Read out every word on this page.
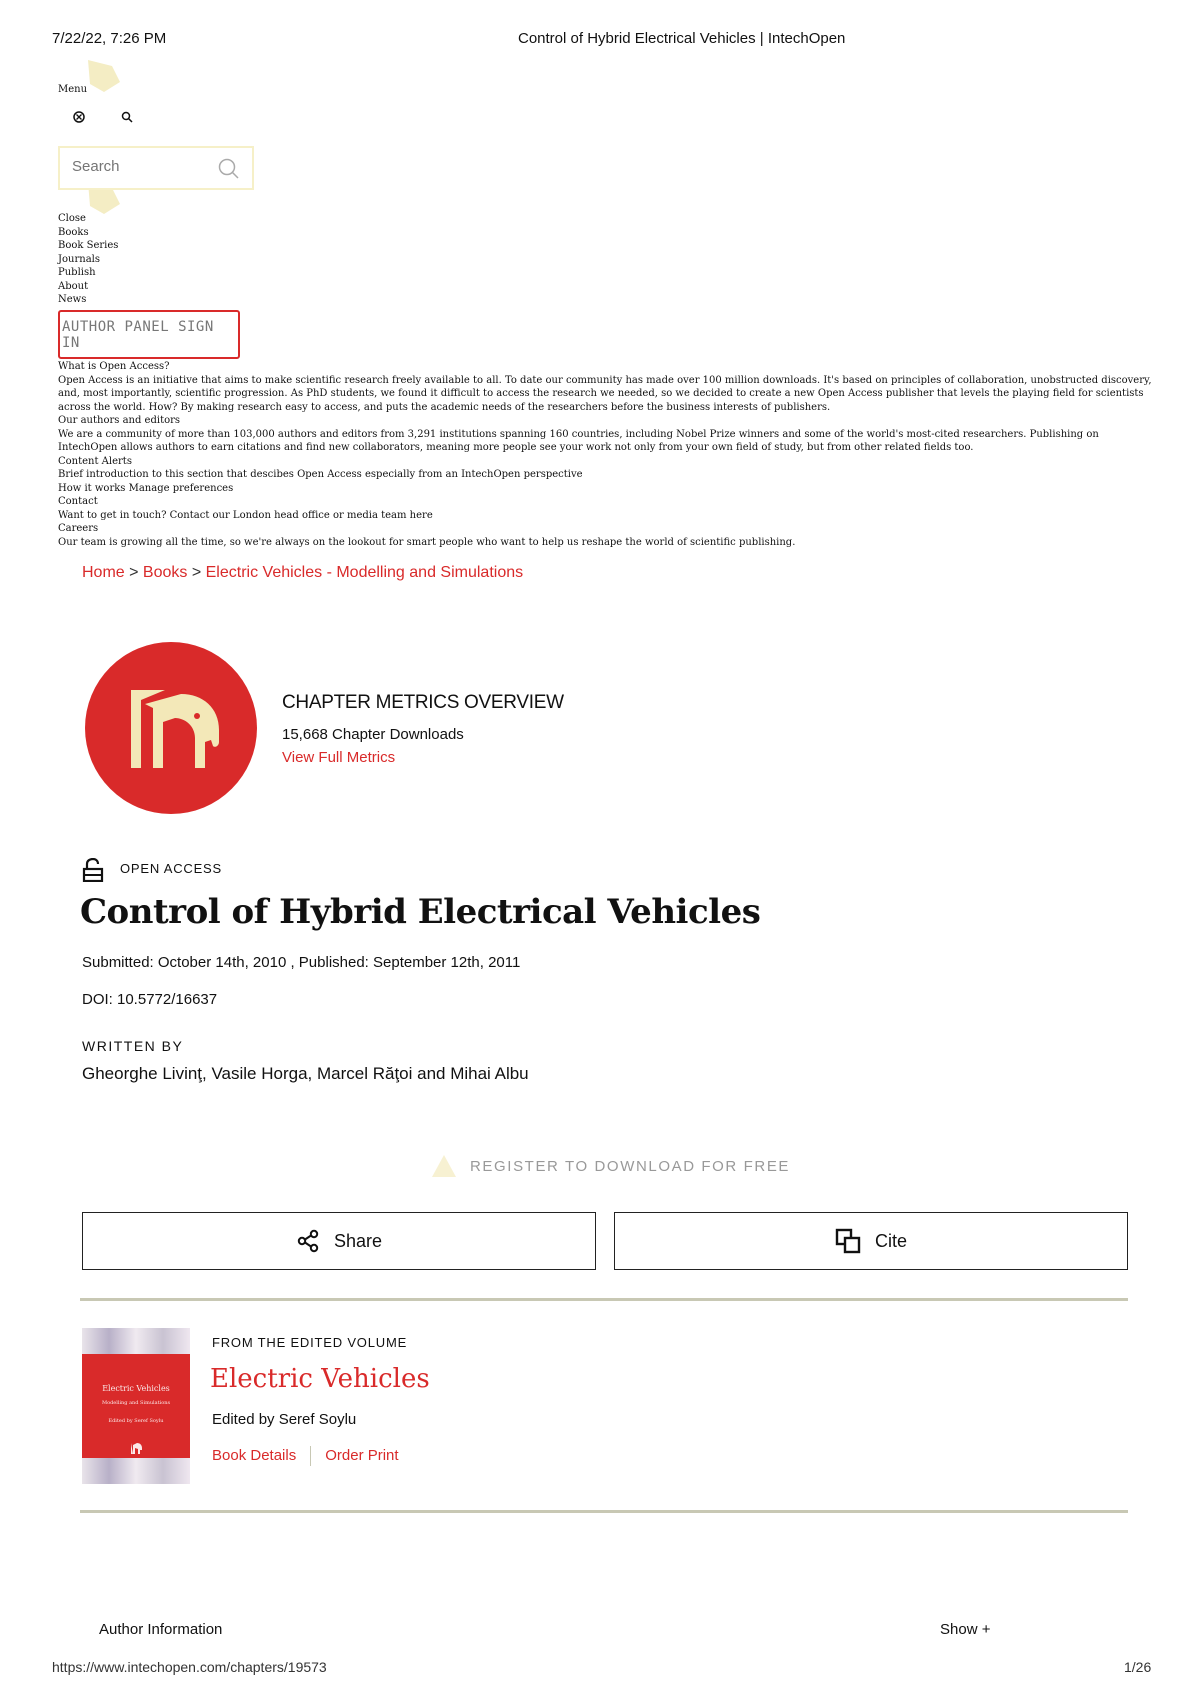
7/22/22, 7:26 PM	Control of Hybrid Electrical Vehicles | IntechOpen
Menu

Search
Close
Books
Book Series
Journals
Publish
About
News
AUTHOR PANEL SIGN IN
What is Open Access?
Open Access is an initiative that aims to make scientific research freely available to all. To date our community has made over 100 million downloads. It's based on principles of collaboration, unobstructed discovery, and, most importantly, scientific progression. As PhD students, we found it difficult to access the research we needed, so we decided to create a new Open Access publisher that levels the playing field for scientists across the world. How? By making research easy to access, and puts the academic needs of the researchers before the business interests of publishers.
Our authors and editors
We are a community of more than 103,000 authors and editors from 3,291 institutions spanning 160 countries, including Nobel Prize winners and some of the world's most-cited researchers. Publishing on IntechOpen allows authors to earn citations and find new collaborators, meaning more people see your work not only from your own field of study, but from other related fields too.
Content Alerts
Brief introduction to this section that descibes Open Access especially from an IntechOpen perspective
How it works Manage preferences
Contact
Want to get in touch? Contact our London head office or media team here
Careers
Our team is growing all the time, so we're always on the lookout for smart people who want to help us reshape the world of scientific publishing.
Home > Books > Electric Vehicles - Modelling and Simulations
CHAPTER METRICS OVERVIEW
15,668 Chapter Downloads
View Full Metrics
OPEN ACCESS
Control of Hybrid Electrical Vehicles
Submitted: October 14th, 2010 , Published: September 12th, 2011
DOI: 10.5772/16637
WRITTEN BY
Gheorghe Livinţ, Vasile Horga, Marcel Răţoi and Mihai Albu
REGISTER TO DOWNLOAD FOR FREE
Share	Cite
Electric Vehicles
Modelling and Simulations
Edited by Seref Soylu
FROM THE EDITED VOLUME
Electric Vehicles
Edited by Seref Soylu
Book Details Order Print
Author Information	Show +
https://www.intechopen.com/chapters/19573	1/26
